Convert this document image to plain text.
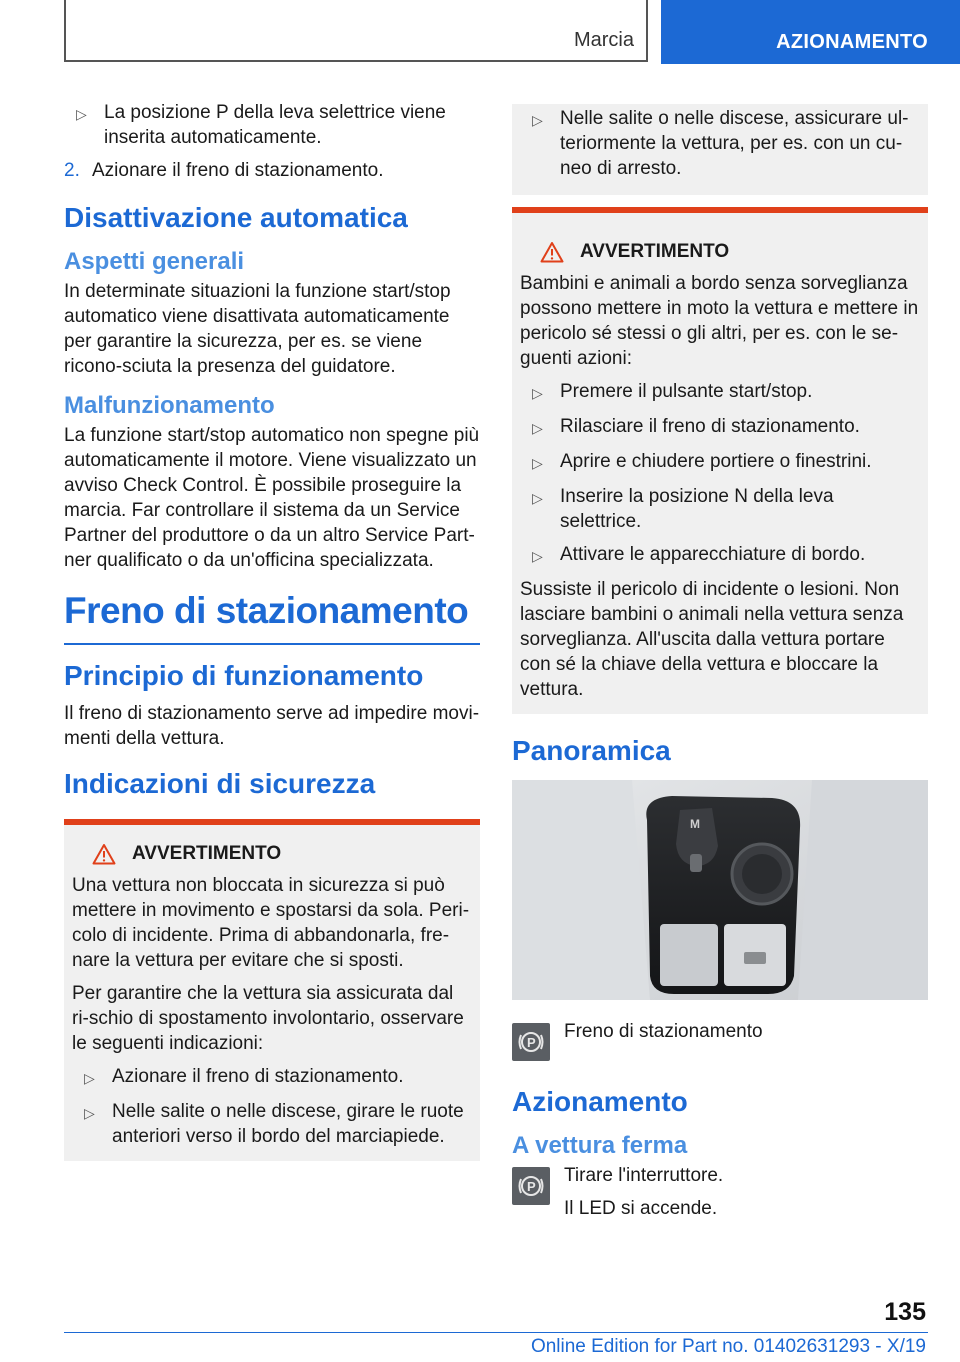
Marcia	AZIONAMENTO
▷ La posizione P della leva selettrice viene inserita automaticamente.
2. Azionare il freno di stazionamento.
Disattivazione automatica
Aspetti generali

In determinate situazioni la funzione start/stop automatico viene disattivata automaticamente per garantire la sicurezza, per es. se viene ricono‐sciuta la presenza del guidatore.

Malfunzionamento

La funzione start/stop automatico non spegne più automaticamente il motore. Viene visualizzato un avviso Check Control. È possibile proseguire la marcia. Far controllare il sistema da un Service Partner del produttore o da un altro Service Part‐ner qualificato o da un'officina specializzata.

Freno di stazionamento
Principio di funzionamento

Il freno di stazionamento serve ad impedire movi‐menti della vettura.

Indicazioni di sicurezza
AVVERTIMENTO

Una vettura non bloccata in sicurezza si può mettere in movimento e spostarsi da sola. Peri‐colo di incidente. Prima di abbandonarla, fre‐nare la vettura per evitare che si sposti.

Per garantire che la vettura sia assicurata dal ri‐schio di spostamento involontario, osservare le seguenti indicazioni:

▷ Azionare il freno di stazionamento.
▷ Nelle salite o nelle discese, girare le ruote anteriori verso il bordo del marciapiede.
▷ Nelle salite o nelle discese, assicurare ul‐teriormente la vettura, per es. con un cu‐neo di arresto.
AVVERTIMENTO

Bambini e animali a bordo senza sorveglianza possono mettere in moto la vettura e mettere in pericolo sé stessi o gli altri, per es. con le se‐guenti azioni:

▷ Premere il pulsante start/stop.
▷ Rilasciare il freno di stazionamento.
▷ Aprire e chiudere portiere o finestrini.
▷ Inserire la posizione N della leva selettrice.
▷ Attivare le apparecchiature di bordo.

Sussiste il pericolo di incidente o lesioni. Non lasciare bambini o animali nella vettura senza sorveglianza. All'uscita dalla vettura portare con sé la chiave della vettura e bloccare la vettura.

Panoramica
M
P

Freno di stazionamento

Azionamento
A vettura ferma
P

Tirare l'interruttore.

Il LED si accende.

135
Online Edition for Part no. 01402631293 - X/19
